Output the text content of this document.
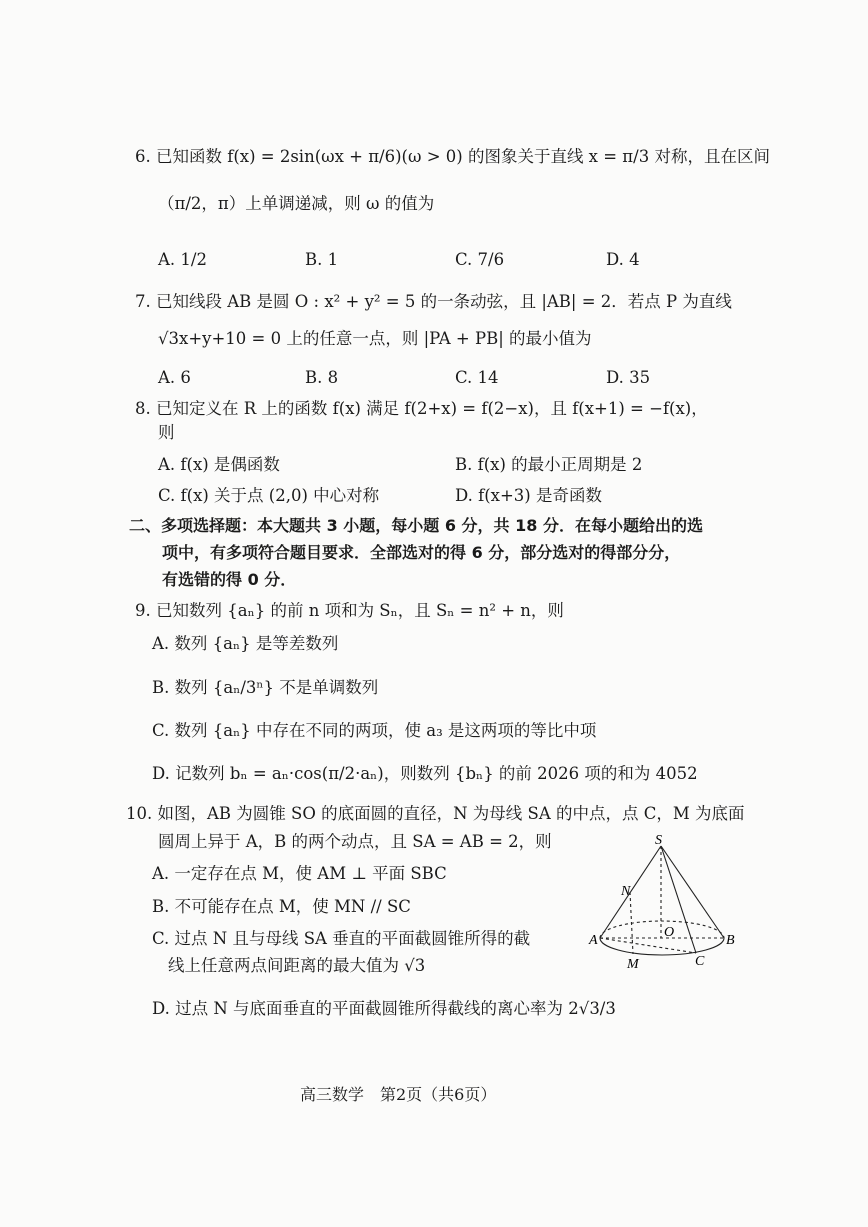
6. 已知函数 f(x) = 2sin(ωx + π/6)(ω > 0) 的图象关于直线 x = π/3 对称，且在区间
（π/2，π）上单调递减，则 ω 的值为
A. 1/2	B. 1	C. 7/6	D. 4
7. 已知线段 AB 是圆 O : x² + y² = 5 的一条动弦，且 |AB| = 2．若点 P 为直线
√3x+y+10 = 0 上的任意一点，则 |PA + PB| 的最小值为
A. 6	B. 8	C. 14	D. 35
8. 已知定义在 R 上的函数 f(x) 满足 f(2+x) = f(2−x)，且 f(x+1) = −f(x)，
则
A. f(x) 是偶函数	B. f(x) 的最小正周期是 2
C. f(x) 关于点 (2,0) 中心对称	D. f(x+3) 是奇函数
二、多项选择题：本大题共 3 小题，每小题 6 分，共 18 分．在每小题给出的选
项中，有多项符合题目要求．全部选对的得 6 分，部分选对的得部分分，
有选错的得 0 分．
9. 已知数列 {aₙ} 的前 n 项和为 Sₙ，且 Sₙ = n² + n，则
A. 数列 {aₙ} 是等差数列
B. 数列 {aₙ/3ⁿ} 不是单调数列
C. 数列 {aₙ} 中存在不同的两项，使 a₃ 是这两项的等比中项
D. 记数列 bₙ = aₙ·cos(π/2·aₙ)，则数列 {bₙ} 的前 2026 项的和为 4052
10. 如图，AB 为圆锥 SO 的底面圆的直径，N 为母线 SA 的中点，点 C，M 为底面
圆周上异于 A，B 的两个动点，且 SA = AB = 2，则
A. 一定存在点 M，使 AM ⊥ 平面 SBC
B. 不可能存在点 M，使 MN // SC
C. 过点 N 且与母线 SA 垂直的平面截圆锥所得的截
线上任意两点间距离的最大值为 √3
D. 过点 N 与底面垂直的平面截圆锥所得截线的离心率为 2√3/3
S
N
O
A	B
M	C
高三数学　第2页（共6页）
